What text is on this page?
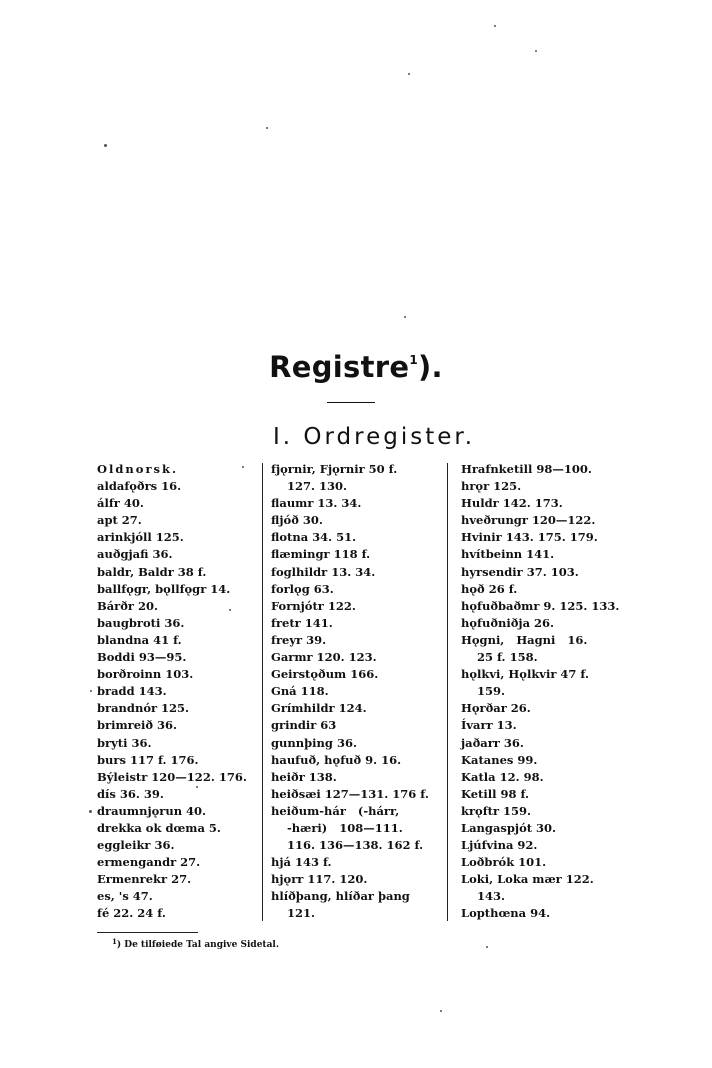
Registre$^1$).
I. Ordregister.
Oldnorsk.
aldafǫðrs 16.
álfr 40.
apt 27.
arinkjóll 125.
auðgjafi 36.
baldr, Baldr 38 f.
ballfǫgr, bǫllfǫgr 14.
Bárðr 20.
baugbroti 36.
blandna 41 f.
Boddi 93—95.
borðroinn 103.
bradd 143.
brandnór 125.
brimreið 36.
bryti 36.
burs 117 f. 176.
Býleistr 120—122. 176.
dís 36. 39.
draumnjǫrun 40.
drekka ok dœma 5.
eggleikr 36.
ermengandr 27.
Ermenrekr 27.
es, 's 47.
fé 22. 24 f.
fjǫrnir, Fjǫrnir 50 f.
127. 130.
flaumr 13. 34.
fljóð 30.
flotna 34. 51.
flæmingr 118 f.
foglhildr 13. 34.
forlǫg 63.
Fornjótr 122.
fretr 141.
freyr 39.
Garmr 120. 123.
Geirstǫðum 166.
Gná 118.
Grímhildr 124.
grindir 63
gunnþing 36.
haufuð, hǫfuð 9. 16.
heiðr 138.
heiðsæi 127—131. 176 f.
heiðum-hár   (-hárr,
-hæri)   108—111.
116. 136—138. 162 f.
hjá 143 f.
hjǫrr 117. 120.
hlíðþang, hlíðar þang
121.
Hrafnketill 98—100.
hrǫr 125.
Huldr 142. 173.
hveðrungr 120—122.
Hvinir 143. 175. 179.
hvítbeinn 141.
hyrsendir 37. 103.
hǫð 26 f.
hǫfuðbaðmr 9. 125. 133.
hǫfuðniðja 26.
Hǫgni,   Hagni   16.
25 f. 158.
hǫlkvi, Hǫlkvir 47 f.
159.
Hǫrðar 26.
Ívarr 13.
jaðarr 36.
Katanes 99.
Katla 12. 98.
Ketill 98 f.
krǫftr 159.
Langaspjót 30.
Ljúfvina 92.
Loðbrók 101.
Loki, Loka mær 122.
143.
Lopthœna 94.
$^1$) De tilføiede Tal angive Sidetal.
